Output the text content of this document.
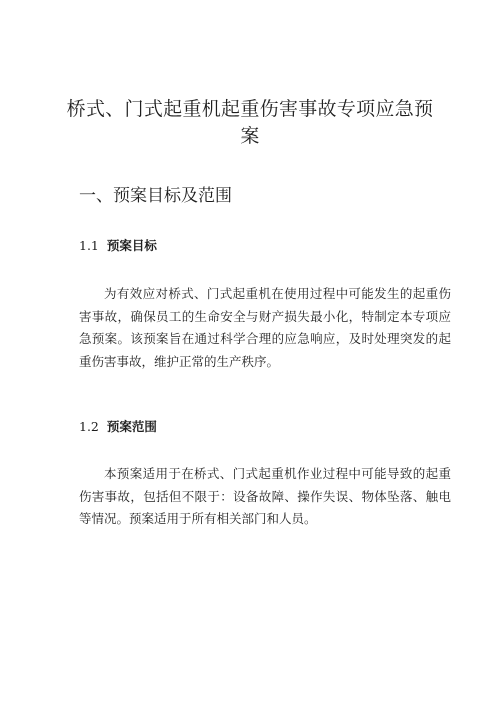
桥式、门式起重机起重伤害事故专项应急预案
一、预案目标及范围
1.1 预案目标

为有效应对桥式、门式起重机在使用过程中可能发生的起重伤害事故，确保员工的生命安全与财产损失最小化，特制定本专项应急预案。该预案旨在通过科学合理的应急响应，及时处理突发的起重伤害事故，维护正常的生产秩序。

1.2 预案范围

本预案适用于在桥式、门式起重机作业过程中可能导致的起重伤害事故，包括但不限于：设备故障、操作失误、物体坠落、触电等情况。预案适用于所有相关部门和人员。
